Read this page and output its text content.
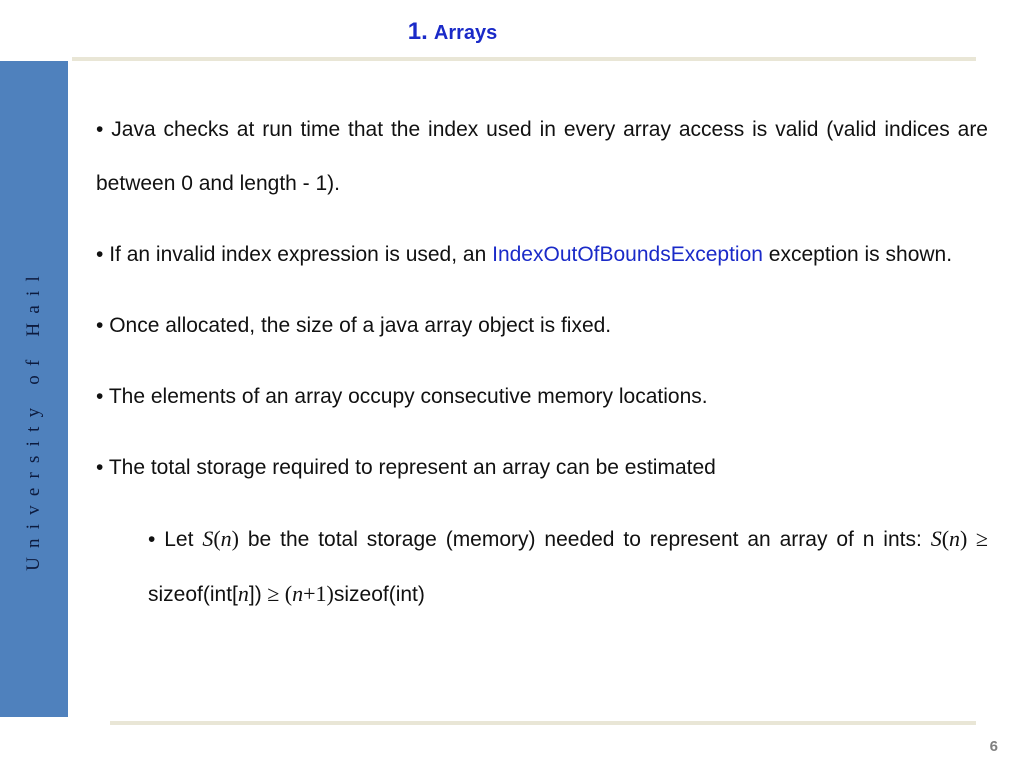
1. Arrays
University of Hail

• Java checks at run time that the index used in every array access is valid (valid indices are between 0 and length - 1).

• If an invalid index expression is used, an IndexOutOfBoundsException exception is shown.

• Once allocated, the size of a java array object is fixed.

• The elements of an array occupy consecutive memory locations.

• The total storage required to represent an array can be estimated

• Let S(n) be the total storage (memory) needed to represent an array of n ints: S(n) ≥ sizeof(int[n]) ≥ (n+1)sizeof(int)

6
